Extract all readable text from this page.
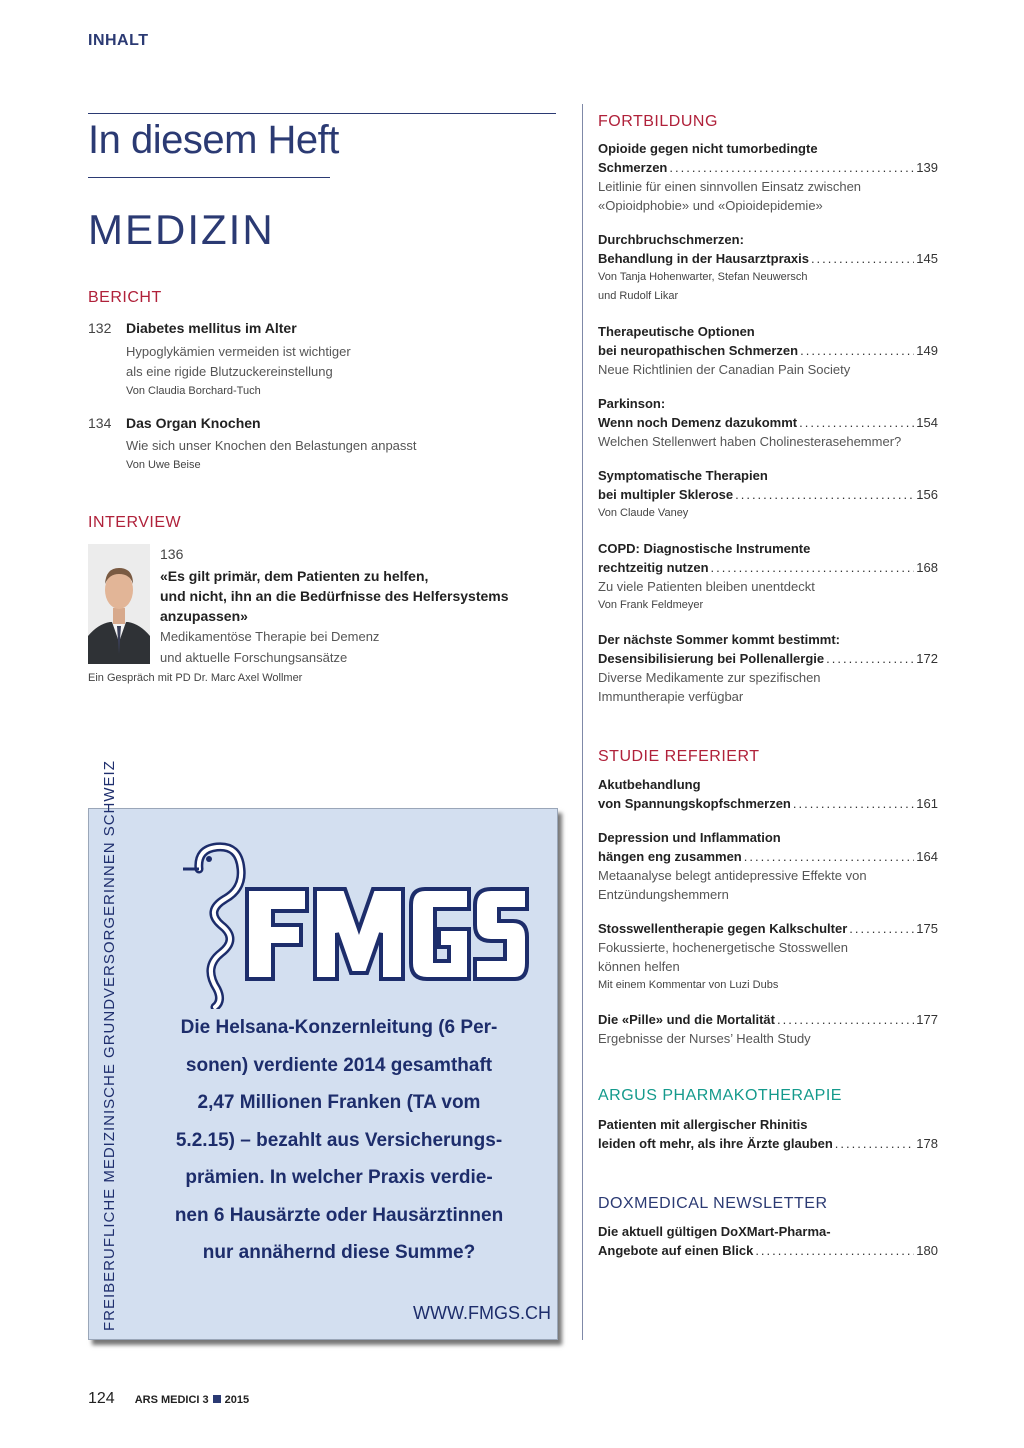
INHALT
In diesem Heft
MEDIZIN
BERICHT
132 Diabetes mellitus im Alter
Hypoglykämien vermeiden ist wichtiger
als eine rigide Blutzuckereinstellung
Von Claudia Borchard-Tuch
134 Das Organ Knochen
Wie sich unser Knochen den Belastungen anpasst
Von Uwe Beise
INTERVIEW
136
«Es gilt primär, dem Patienten zu helfen,
und nicht, ihn an die Bedürfnisse des Helfersystems
anzupassen»
Medikamentöse Therapie bei Demenz
und aktuelle Forschungsansätze
Ein Gespräch mit PD Dr. Marc Axel Wollmer
FREIBERUFLICHE MEDIZINISCHE GRUNDVERSORGERINNEN SCHWEIZ	Die Helsana-Konzernleitung (6 Per-
sonen) verdiente 2014 gesamthaft
2,47 Millionen Franken (TA vom
5.2.15) – bezahlt aus Versicherungs-
prämien. In welcher Praxis verdie-
nen 6 Hausärzte oder Hausärztinnen
nur annähernd diese Summe?
WWW.FMGS.CH
FORTBILDUNG
Opioide gegen nicht tumorbedingte
Schmerzen .....	139
Leitlinie für einen sinnvollen Einsatz zwischen
«Opioidphobie» und «Opioidepidemie»
Durchbruchschmerzen:
Behandlung in der Hausarztpraxis .....	145
Von Tanja Hohenwarter, Stefan Neuwersch
und Rudolf Likar
Therapeutische Optionen
bei neuropathischen Schmerzen .....	149
Neue Richtlinien der Canadian Pain Society
Parkinson:
Wenn noch Demenz dazukommt .....	154
Welchen Stellenwert haben Cholinesterasehemmer?
Symptomatische Therapien
bei multipler Sklerose .....	156
Von Claude Vaney
COPD: Diagnostische Instrumente
rechtzeitig nutzen .....	168
Zu viele Patienten bleiben unentdeckt
Von Frank Feldmeyer
Der nächste Sommer kommt bestimmt:
Desensibilisierung bei Pollenallergie .....	172
Diverse Medikamente zur spezifischen
Immuntherapie verfügbar
STUDIE REFERIERT
Akutbehandlung
von Spannungskopfschmerzen .....	161
Depression und Inflammation
hängen eng zusammen .....	164
Metaanalyse belegt antidepressive Effekte von
Entzündungshemmern
Stosswellentherapie gegen Kalkschulter .....	175
Fokussierte, hochenergetische Stosswellen
können helfen
Mit einem Kommentar von Luzi Dubs
Die «Pille» und die Mortalität .....	177
Ergebnisse der Nurses’ Health Study
ARGUS PHARMAKOTHERAPIE
Patienten mit allergischer Rhinitis
leiden oft mehr, als ihre Ärzte glauben .....	178
DOXMEDICAL NEWSLETTER
Die aktuell gültigen DoXMart-Pharma-
Angebote auf einen Blick .....	180
124 ARS MEDICI 3 2015
